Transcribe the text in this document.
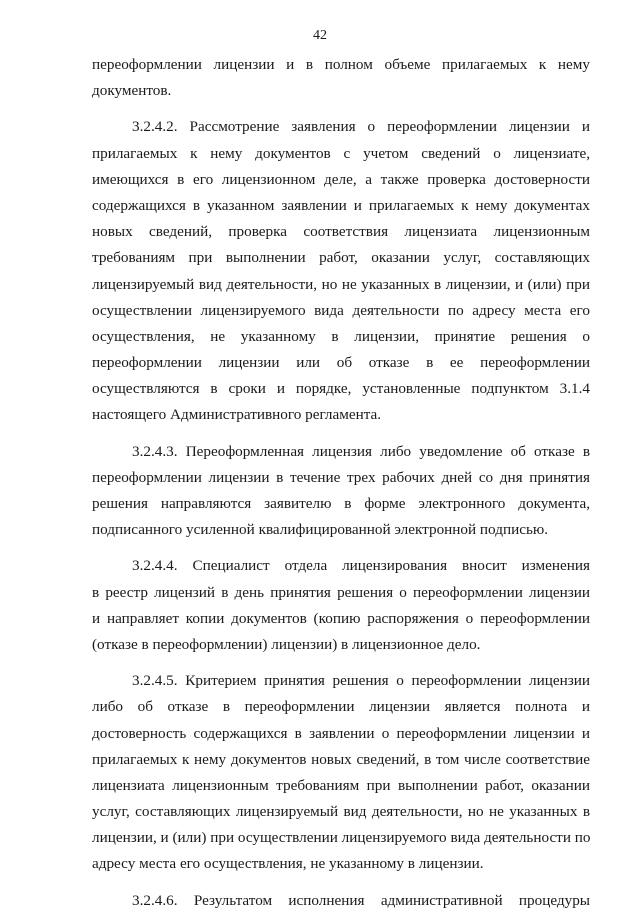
42
переоформлении лицензии и в полном объеме прилагаемых к нему
документов.
3.2.4.2. Рассмотрение заявления о переоформлении лицензии и
прилагаемых к нему документов с учетом сведений о лицензиате,
имеющихся в его лицензионном деле, а также проверка достоверности
содержащихся в указанном заявлении и прилагаемых к нему документах
новых сведений, проверка соответствия лицензиата лицензионным
требованиям при выполнении работ, оказании услуг, составляющих
лицензируемый вид деятельности, но не указанных в лицензии, и (или) при
осуществлении лицензируемого вида деятельности по адресу места его
осуществления, не указанному в лицензии, принятие решения о
переоформлении лицензии или об отказе в ее переоформлении
осуществляются в сроки и порядке, установленные подпунктом 3.1.4
настоящего Административного регламента.
3.2.4.3. Переоформленная лицензия либо уведомление об отказе в
переоформлении лицензии в течение трех рабочих дней со дня принятия
решения направляются заявителю в форме электронного документа,
подписанного усиленной квалифицированной электронной подписью.
3.2.4.4. Специалист отдела лицензирования вносит изменения
в реестр лицензий в день принятия решения о переоформлении лицензии
и направляет копии документов (копию распоряжения о переоформлении
(отказе в переоформлении) лицензии) в лицензионное дело.
3.2.4.5. Критерием принятия решения о переоформлении лицензии
либо об отказе в переоформлении лицензии является полнота и
достоверность содержащихся в заявлении о переоформлении лицензии и
прилагаемых к нему документов новых сведений, в том числе соответствие
лицензиата лицензионным требованиям при выполнении работ, оказании
услуг, составляющих лицензируемый вид деятельности, но не указанных в
лицензии, и (или) при осуществлении лицензируемого вида деятельности по
адресу места его осуществления, не указанному в лицензии.
3.2.4.6. Результатом исполнения административной процедуры
